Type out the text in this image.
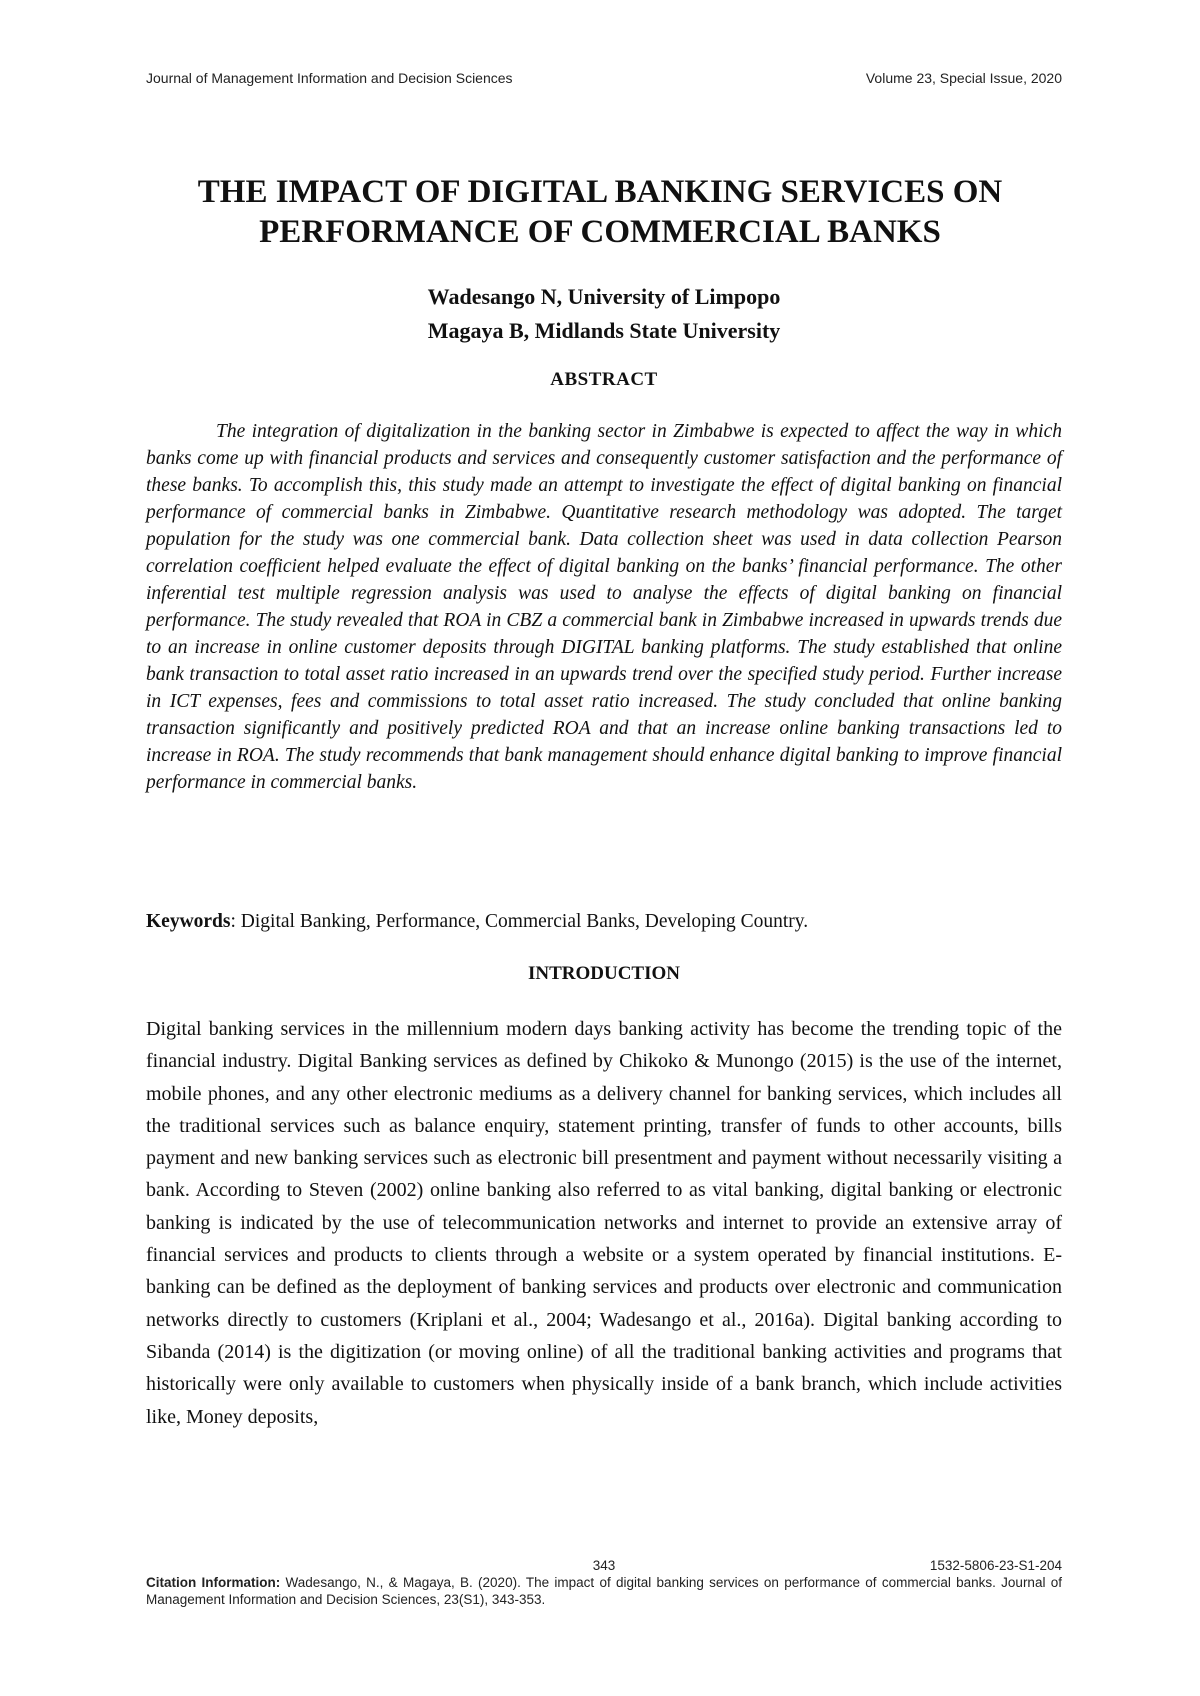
Journal of Management Information and Decision Sciences	Volume 23, Special Issue, 2020
THE IMPACT OF DIGITAL BANKING SERVICES ON
PERFORMANCE OF COMMERCIAL BANKS
Wadesango N, University of Limpopo
Magaya B, Midlands State University
ABSTRACT

The integration of digitalization in the banking sector in Zimbabwe is expected to affect the way in which banks come up with financial products and services and consequently customer satisfaction and the performance of these banks. To accomplish this, this study made an attempt to investigate the effect of digital banking on financial performance of commercial banks in Zimbabwe. Quantitative research methodology was adopted. The target population for the study was one commercial bank. Data collection sheet was used in data collection Pearson correlation coefficient helped evaluate the effect of digital banking on the banks’ financial performance. The other inferential test multiple regression analysis was used to analyse the effects of digital banking on financial performance. The study revealed that ROA in CBZ a commercial bank in Zimbabwe increased in upwards trends due to an increase in online customer deposits through DIGITAL banking platforms. The study established that online bank transaction to total asset ratio increased in an upwards trend over the specified study period. Further increase in ICT expenses, fees and commissions to total asset ratio increased. The study concluded that online banking transaction significantly and positively predicted ROA and that an increase online banking transactions led to increase in ROA. The study recommends that bank management should enhance digital banking to improve financial performance in commercial banks.

Keywords: Digital Banking, Performance, Commercial Banks, Developing Country.
INTRODUCTION

Digital banking services in the millennium modern days banking activity has become the trending topic of the financial industry. Digital Banking services as defined by Chikoko & Munongo (2015) is the use of the internet, mobile phones, and any other electronic mediums as a delivery channel for banking services, which includes all the traditional services such as balance enquiry, statement printing, transfer of funds to other accounts, bills payment and new banking services such as electronic bill presentment and payment without necessarily visiting a bank. According to Steven (2002) online banking also referred to as vital banking, digital banking or electronic banking is indicated by the use of telecommunication networks and internet to provide an extensive array of financial services and products to clients through a website or a system operated by financial institutions. E-banking can be defined as the deployment of banking services and products over electronic and communication networks directly to customers (Kriplani et al., 2004; Wadesango et al., 2016a). Digital banking according to Sibanda (2014) is the digitization (or moving online) of all the traditional banking activities and programs that historically were only available to customers when physically inside of a bank branch, which include activities like, Money deposits,

343	1532-5806-23-S1-204
Citation Information: Wadesango, N., & Magaya, B. (2020). The impact of digital banking services on performance of commercial banks. Journal of Management Information and Decision Sciences, 23(S1), 343-353.
